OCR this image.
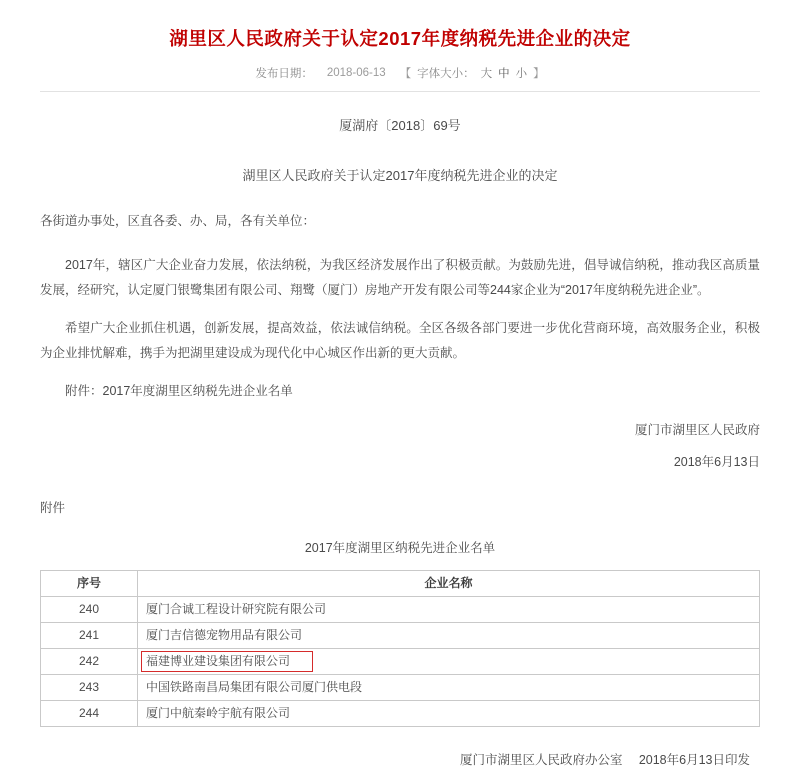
湖里区人民政府关于认定2017年度纳税先进企业的决定
发布日期： 2018-06-13 【 字体大小： 大 中 小 】
厦湖府〔2018〕69号
湖里区人民政府关于认定2017年度纳税先进企业的决定
各街道办事处，区直各委、办、局，各有关单位：
2017年，辖区广大企业奋力发展，依法纳税，为我区经济发展作出了积极贡献。为鼓励先进，倡导诚信纳税，推动我区高质量发展，经研究，认定厦门银鹭集团有限公司、翔鹭（厦门）房地产开发有限公司等244家企业为“2017年度纳税先进企业”。
希望广大企业抓住机遇，创新发展，提高效益，依法诚信纳税。全区各级各部门要进一步优化营商环境，高效服务企业，积极为企业排忧解难，携手为把湖里建设成为现代化中心城区作出新的更大贡献。
附件：2017年度湖里区纳税先进企业名单
厦门市湖里区人民政府
2018年6月13日
附件
2017年度湖里区纳税先进企业名单
序号	企业名称
240	厦门合诚工程设计研究院有限公司
241	厦门吉信德宠物用品有限公司
242	福建博业建设集团有限公司
243	中国铁路南昌局集团有限公司厦门供电段
244	厦门中航秦岭宇航有限公司
厦门市湖里区人民政府办公室 2018年6月13日印发
